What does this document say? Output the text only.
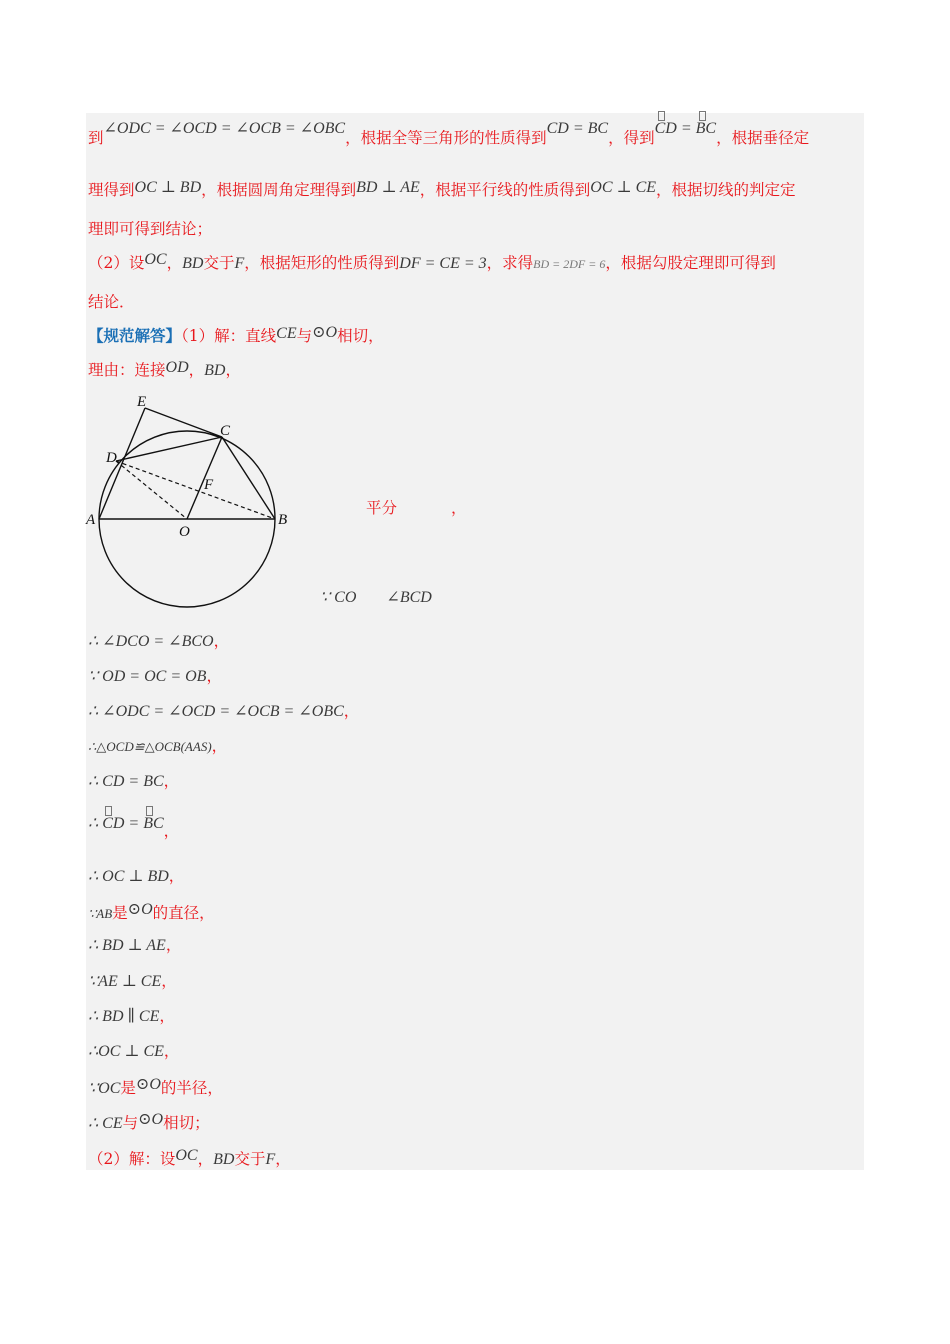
到∠ODC = ∠OCD = ∠OCB = ∠OBC，根据全等三角形的性质得到CD = BC，得到CD = BC，根据垂径定
理得到OC ⊥ BD，根据圆周角定理得到BD ⊥ AE，根据平行线的性质得到OC ⊥ CE，根据切线的判定定
理即可得到结论；
（2）设OC，BD交于F，根据矩形的性质得到DF = CE = 3，求得BD = 2DF = 6，根据勾股定理即可得到
结论．
【规范解答】（1）解：直线CE与⊙O相切，
理由：连接OD，BD，
E
C
D
F
A
O
B
平分	，
∵ CO ∠BCD
∴ ∠DCO = ∠BCO，
∵ OD = OC = OB，
∴ ∠ODC = ∠OCD = ∠OCB = ∠OBC，
∴△OCD≌△OCB(AAS)，
∴ CD = BC，
∴ CD = BC，
∴ OC ⊥ BD，
∵AB是⊙O的直径，
∴ BD ⊥ AE，
∵AE ⊥ CE，
∴ BD ∥ CE，
∴OC ⊥ CE，
∵OC是⊙O的半径，
∴ CE与⊙O相切；
（2）解：设OC，BD交于F，
